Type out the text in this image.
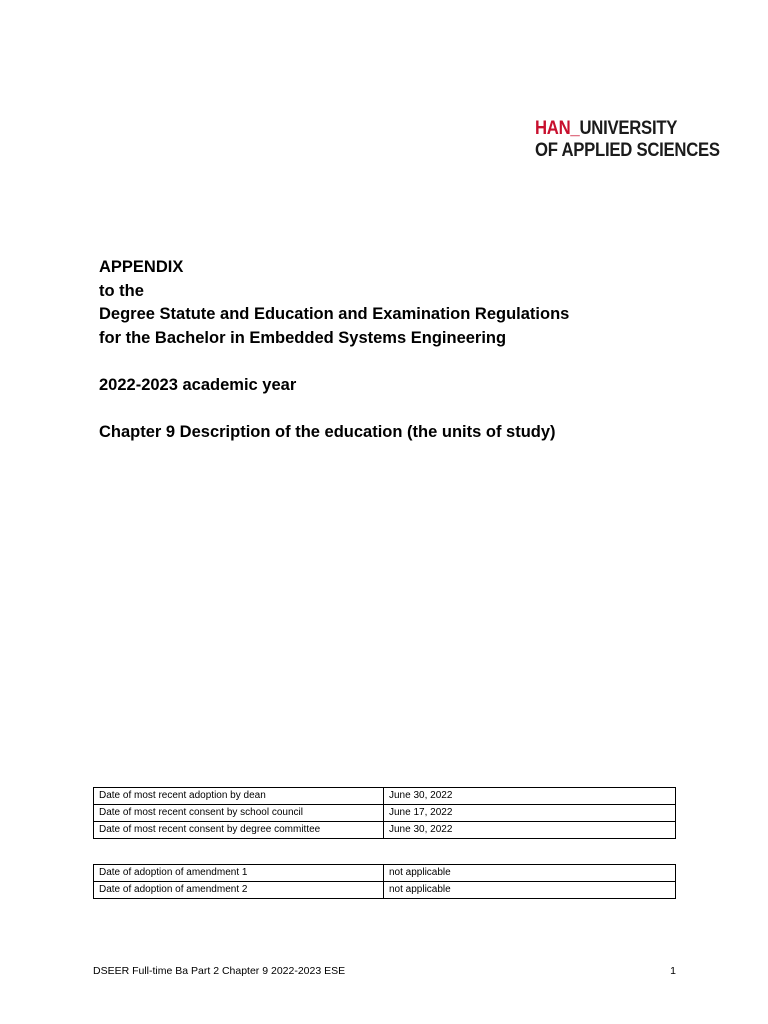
HAN_UNIVERSITY
OF APPLIED SCIENCES
APPENDIX
to the
Degree Statute and Education and Examination Regulations
for the Bachelor in Embedded Systems Engineering
2022-2023 academic year
Chapter 9 Description of the education (the units of study)
Date of most recent adoption by dean	June 30, 2022
Date of most recent consent by school council	June 17, 2022
Date of most recent consent by degree committee	June 30, 2022
Date of adoption of amendment 1	not applicable
Date of adoption of amendment 2	not applicable
DSEER Full-time Ba Part 2 Chapter 9 2022-2023 ESE	1
